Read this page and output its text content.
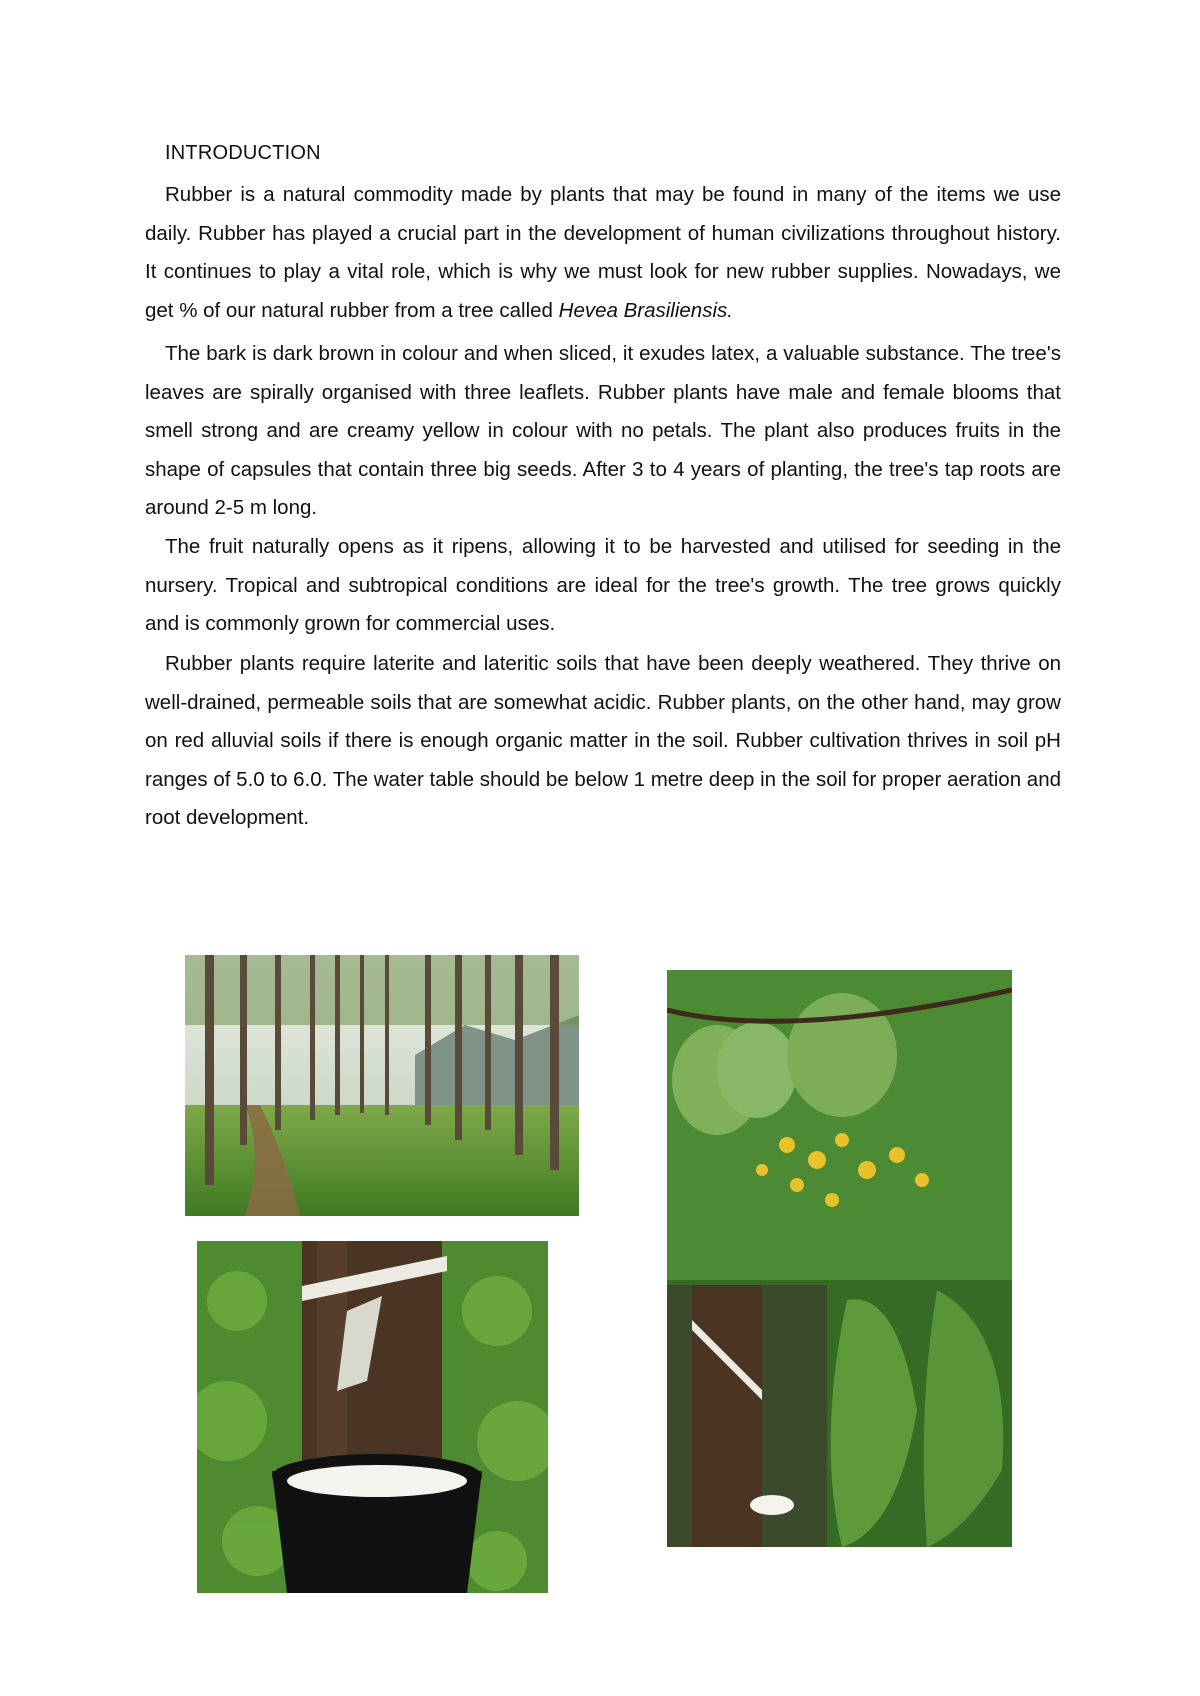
INTRODUCTION

Rubber is a natural commodity made by plants that may be found in many of the items we use daily. Rubber has played a crucial part in the development of human civilizations throughout history. It continues to play a vital role, which is why we must look for new rubber supplies. Nowadays, we get % of our natural rubber from a tree called Hevea Brasiliensis.

The bark is dark brown in colour and when sliced, it exudes latex, a valuable substance. The tree's leaves are spirally organised with three leaflets. Rubber plants have male and female blooms that smell strong and are creamy yellow in colour with no petals. The plant also produces fruits in the shape of capsules that contain three big seeds. After 3 to 4 years of planting, the tree's tap roots are around 2-5 m long.

The fruit naturally opens as it ripens, allowing it to be harvested and utilised for seeding in the nursery. Tropical and subtropical conditions are ideal for the tree's growth. The tree grows quickly and is commonly grown for commercial uses.

Rubber plants require laterite and lateritic soils that have been deeply weathered. They thrive on well-drained, permeable soils that are somewhat acidic. Rubber plants, on the other hand, may grow on red alluvial soils if there is enough organic matter in the soil. Rubber cultivation thrives in soil pH ranges of 5.0 to 6.0. The water table should be below 1 metre deep in the soil for proper aeration and root development.
